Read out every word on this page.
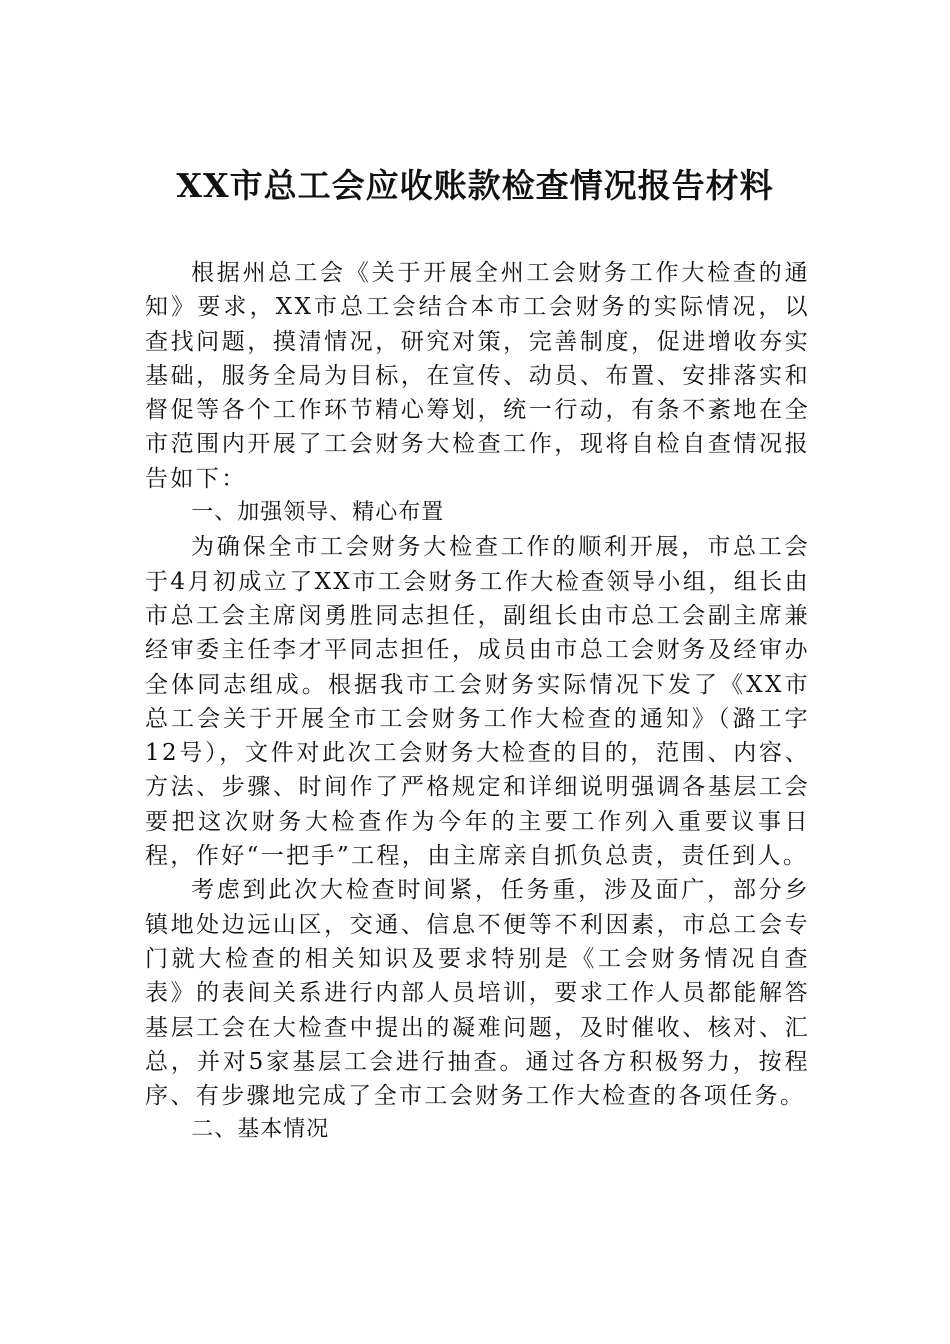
XX市总工会应收账款检查情况报告材料

根据州总工会《关于开展全州工会财务工作大检查的通知》要求，XX市总工会结合本市工会财务的实际情况，以查找问题，摸清情况，研究对策，完善制度，促进增收夯实基础，服务全局为目标，在宣传、动员、布置、安排落实和督促等各个工作环节精心筹划，统一行动，有条不紊地在全市范围内开展了工会财务大检查工作，现将自检自查情况报告如下：

一、加强领导、精心布置

为确保全市工会财务大检查工作的顺利开展，市总工会于4月初成立了XX市工会财务工作大检查领导小组，组长由市总工会主席闵勇胜同志担任，副组长由市总工会副主席兼经审委主任李才平同志担任，成员由市总工会财务及经审办全体同志组成。根据我市工会财务实际情况下发了《XX市总工会关于开展全市工会财务工作大检查的通知》（潞工字12号），文件对此次工会财务大检查的目的，范围、内容、方法、步骤、时间作了严格规定和详细说明强调各基层工会要把这次财务大检查作为今年的主要工作列入重要议事日程，作好“一把手”工程，由主席亲自抓负总责，责任到人。

考虑到此次大检查时间紧，任务重，涉及面广，部分乡镇地处边远山区，交通、信息不便等不利因素，市总工会专门就大检查的相关知识及要求特别是《工会财务情况自查表》的表间关系进行内部人员培训，要求工作人员都能解答基层工会在大检查中提出的凝难问题，及时催收、核对、汇总，并对5家基层工会进行抽查。通过各方积极努力，按程序、有步骤地完成了全市工会财务工作大检查的各项任务。

二、基本情况
